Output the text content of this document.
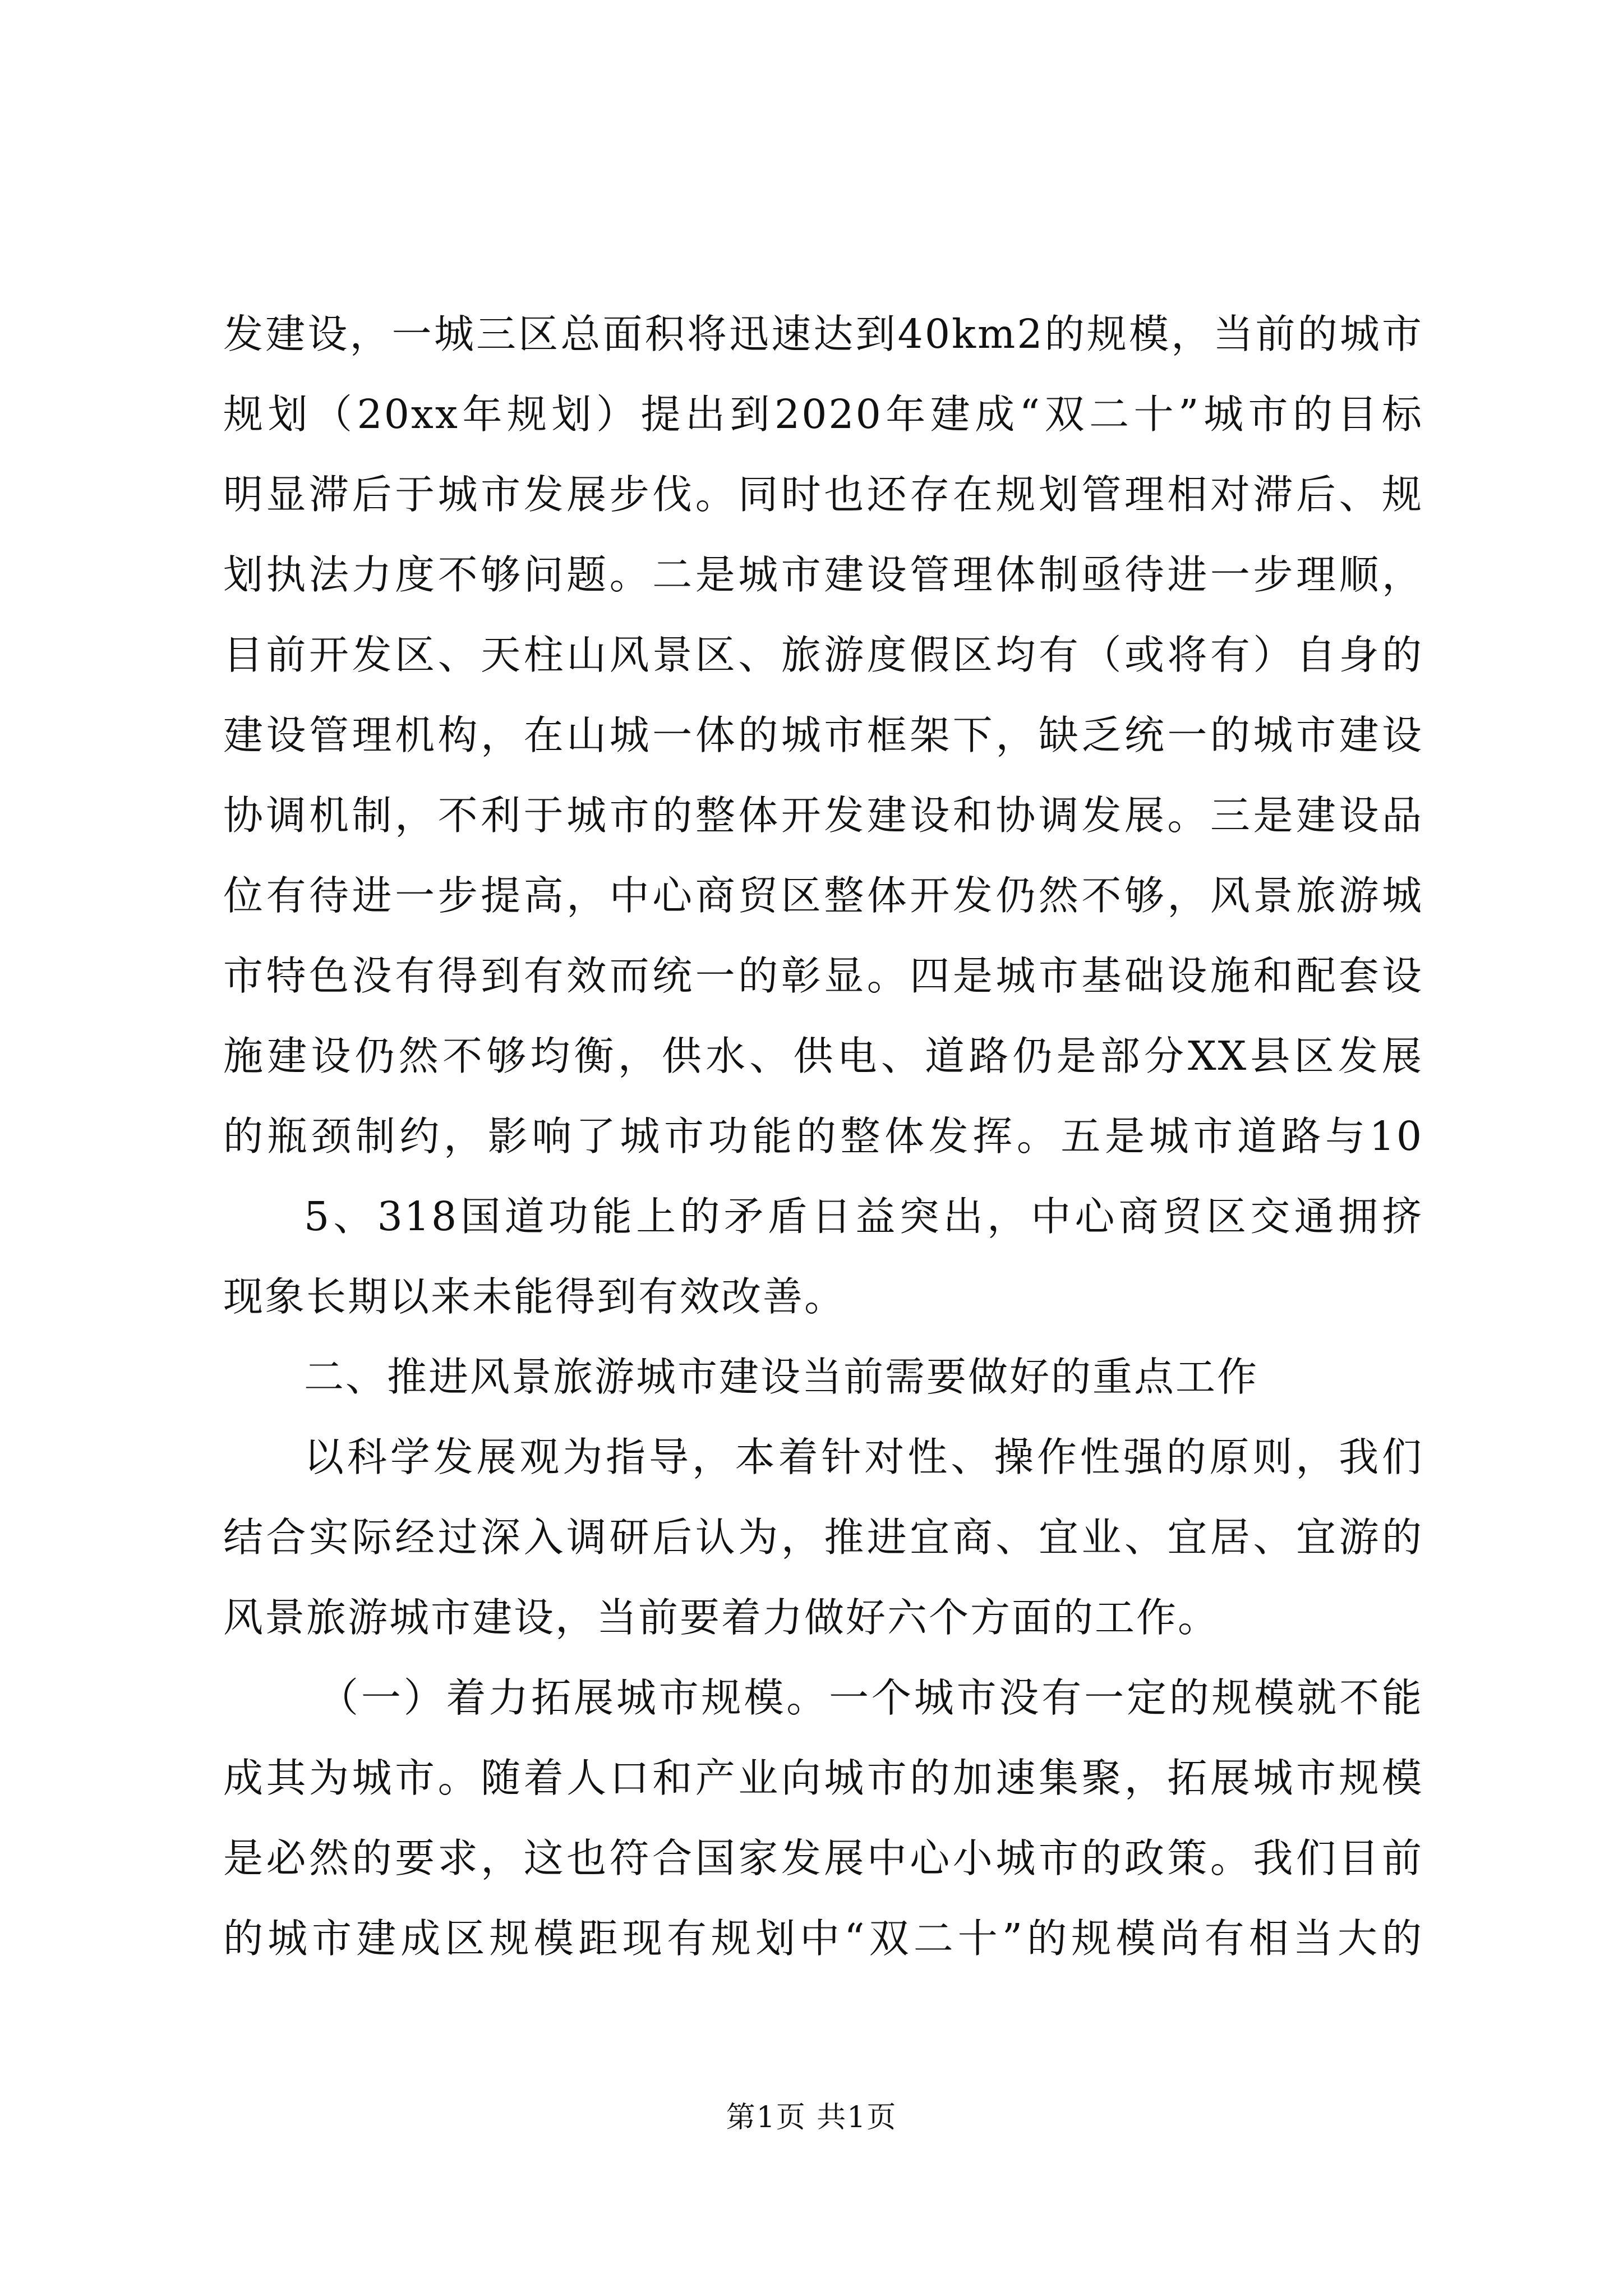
发建设，一城三区总面积将迅速达到40km2的规模，当前的城市
规划（20xx年规划）提出到2020年建成“双二十”城市的目标
明显滞后于城市发展步伐。同时也还存在规划管理相对滞后、规
划执法力度不够问题。二是城市建设管理体制亟待进一步理顺，
目前开发区、天柱山风景区、旅游度假区均有（或将有）自身的
建设管理机构，在山城一体的城市框架下，缺乏统一的城市建设
协调机制，不利于城市的整体开发建设和协调发展。三是建设品
位有待进一步提高，中心商贸区整体开发仍然不够，风景旅游城
市特色没有得到有效而统一的彰显。四是城市基础设施和配套设
施建设仍然不够均衡，供水、供电、道路仍是部分XX县区发展
的瓶颈制约，影响了城市功能的整体发挥。五是城市道路与10
5、318国道功能上的矛盾日益突出，中心商贸区交通拥挤
现象长期以来未能得到有效改善。
二、推进风景旅游城市建设当前需要做好的重点工作
以科学发展观为指导，本着针对性、操作性强的原则，我们
结合实际经过深入调研后认为，推进宜商、宜业、宜居、宜游的
风景旅游城市建设，当前要着力做好六个方面的工作。
（一）着力拓展城市规模。一个城市没有一定的规模就不能
成其为城市。随着人口和产业向城市的加速集聚，拓展城市规模
是必然的要求，这也符合国家发展中心小城市的政策。我们目前
的城市建成区规模距现有规划中“双二十”的规模尚有相当大的
第1页 共1页
